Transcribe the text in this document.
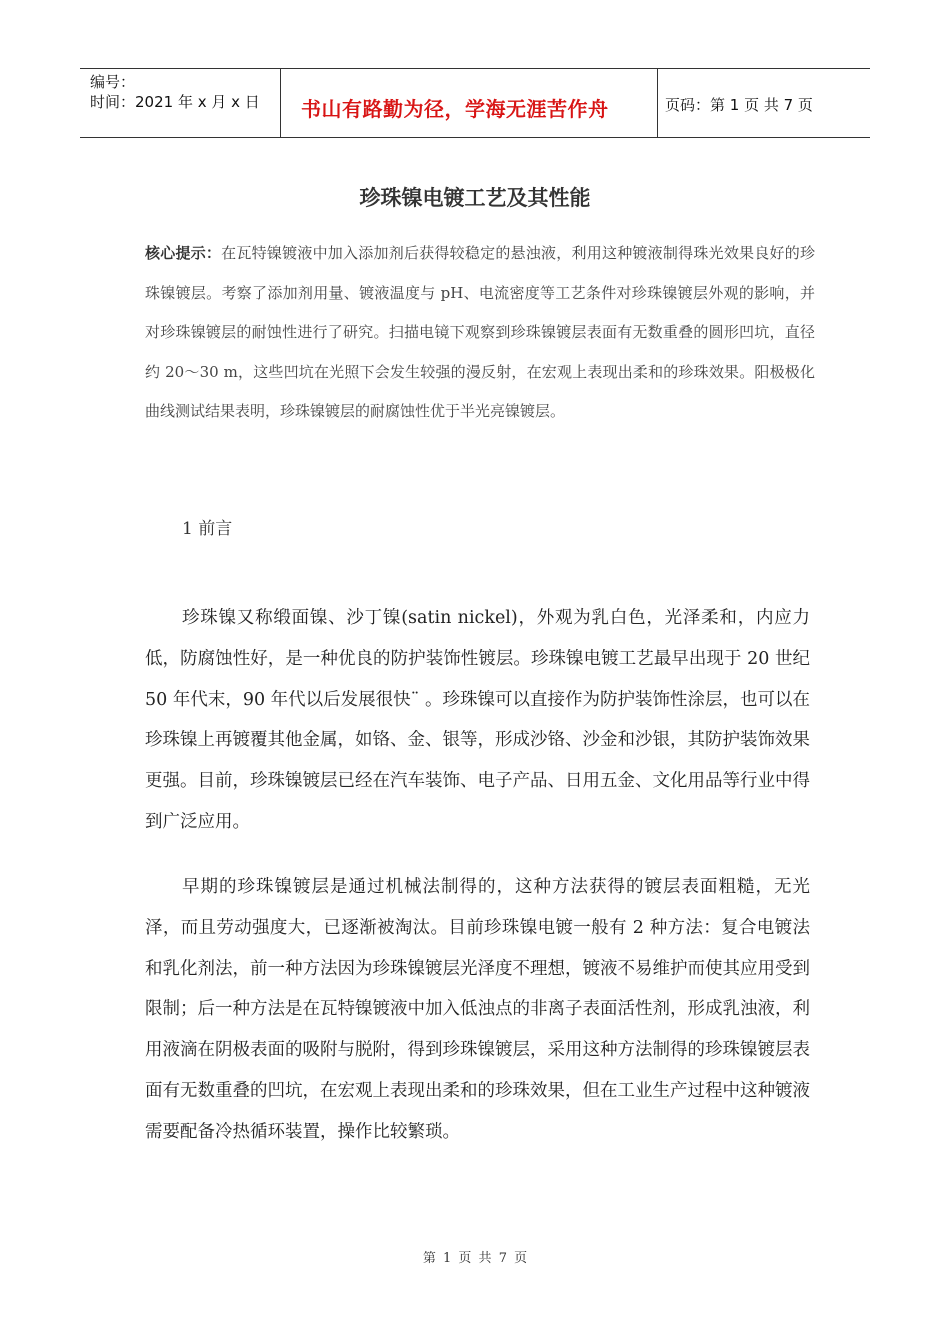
编号：
时间：2021 年 x 月 x 日 书山有路勤为径，学海无涯苦作舟	页码：第 1 页 共 7 页
珍珠镍电镀工艺及其性能
核心提示：在瓦特镍镀液中加入添加剂后获得较稳定的悬浊液，利用这种镀液制得珠光效果良好的珍珠镍镀层。考察了添加剂用量、镀液温度与 pH、电流密度等工艺条件对珍珠镍镀层外观的影响，并对珍珠镍镀层的耐蚀性进行了研究。扫描电镜下观察到珍珠镍镀层表面有无数重叠的圆形凹坑，直径约 20～30 m，这些凹坑在光照下会发生较强的漫反射，在宏观上表现出柔和的珍珠效果。阳极极化曲线测试结果表明，珍珠镍镀层的耐腐蚀性优于半光亮镍镀层。
1 前言

珍珠镍又称缎面镍、沙丁镍(satin nickel)，外观为乳白色，光泽柔和，内应力低，防腐蚀性好，是一种优良的防护装饰性镀层。珍珠镍电镀工艺最早出现于 20 世纪 50 年代末，90 年代以后发展很快¨ 。珍珠镍可以直接作为防护装饰性涂层，也可以在珍珠镍上再镀覆其他金属，如铬、金、银等，形成沙铬、沙金和沙银，其防护装饰效果更强。目前，珍珠镍镀层已经在汽车装饰、电子产品、日用五金、文化用品等行业中得到广泛应用。

早期的珍珠镍镀层是通过机械法制得的，这种方法获得的镀层表面粗糙，无光泽，而且劳动强度大，已逐渐被淘汰。目前珍珠镍电镀一般有 2 种方法：复合电镀法和乳化剂法，前一种方法因为珍珠镍镀层光泽度不理想，镀液不易维护而使其应用受到限制；后一种方法是在瓦特镍镀液中加入低浊点的非离子表面活性剂，形成乳浊液，利用液滴在阴极表面的吸附与脱附，得到珍珠镍镀层，采用这种方法制得的珍珠镍镀层表面有无数重叠的凹坑，在宏观上表现出柔和的珍珠效果，但在工业生产过程中这种镀液需要配备冷热循环装置，操作比较繁琐。

第 1 页 共 7 页
